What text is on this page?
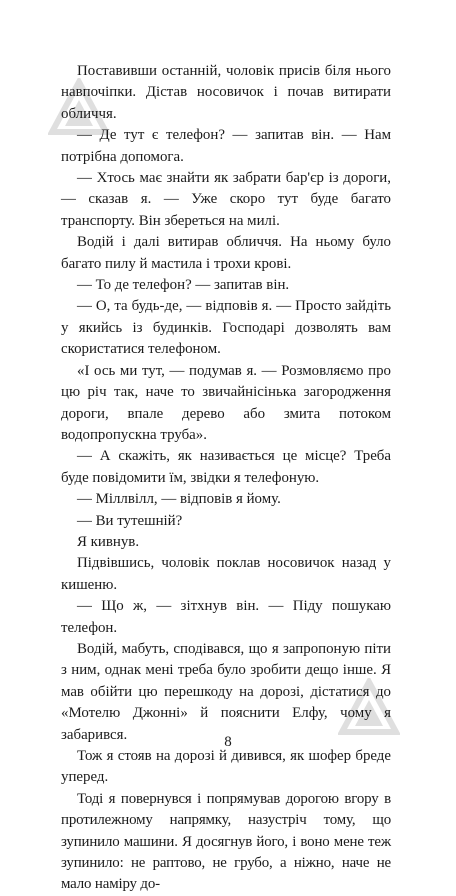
Поставивши останній, чоловік присів біля нього навпочіпки. Дістав носовичок і почав витирати обличчя.

— Де тут є телефон? — запитав він. — Нам потрібна допомога.

— Хтось має знайти як забрати бар'єр із дороги, — сказав я. — Уже скоро тут буде багато транспорту. Він збереться на милі.

Водій і далі витирав обличчя. На ньому було багато пилу й мастила і трохи крові.

— То де телефон? — запитав він.

— О, та будь-де, — відповів я. — Просто зайдіть у якийсь із будинків. Господарі дозволять вам скористатися телефоном.

«І ось ми тут, — подумав я. — Розмовляємо про цю річ так, наче то звичайнісінька загородження дороги, впале дерево або змита потоком водопропускна труба».

— А скажіть, як називається це місце? Треба буде повідомити їм, звідки я телефоную.

— Міллвілл, — відповів я йому.

— Ви тутешній?

Я кивнув.

Підвівшись, чоловік поклав носовичок назад у кишеню.

— Що ж, — зітхнув він. — Піду пошукаю телефон.

Водій, мабуть, сподівався, що я запропоную піти з ним, однак мені треба було зробити дещо інше. Я мав обійти цю перешкоду на дорозі, дістатися до «Мотелю Джонні» й пояснити Елфу, чому я забарився.

Тож я стояв на дорозі й дивився, як шофер бреде уперед.

Тоді я повернувся і попрямував дорогою вгору в протилежному напрямку, назустріч тому, що зупинило машини. Я досягнув його, і воно мене теж зупинило: не раптово, не грубо, а ніжно, наче не мало наміру до-

8
